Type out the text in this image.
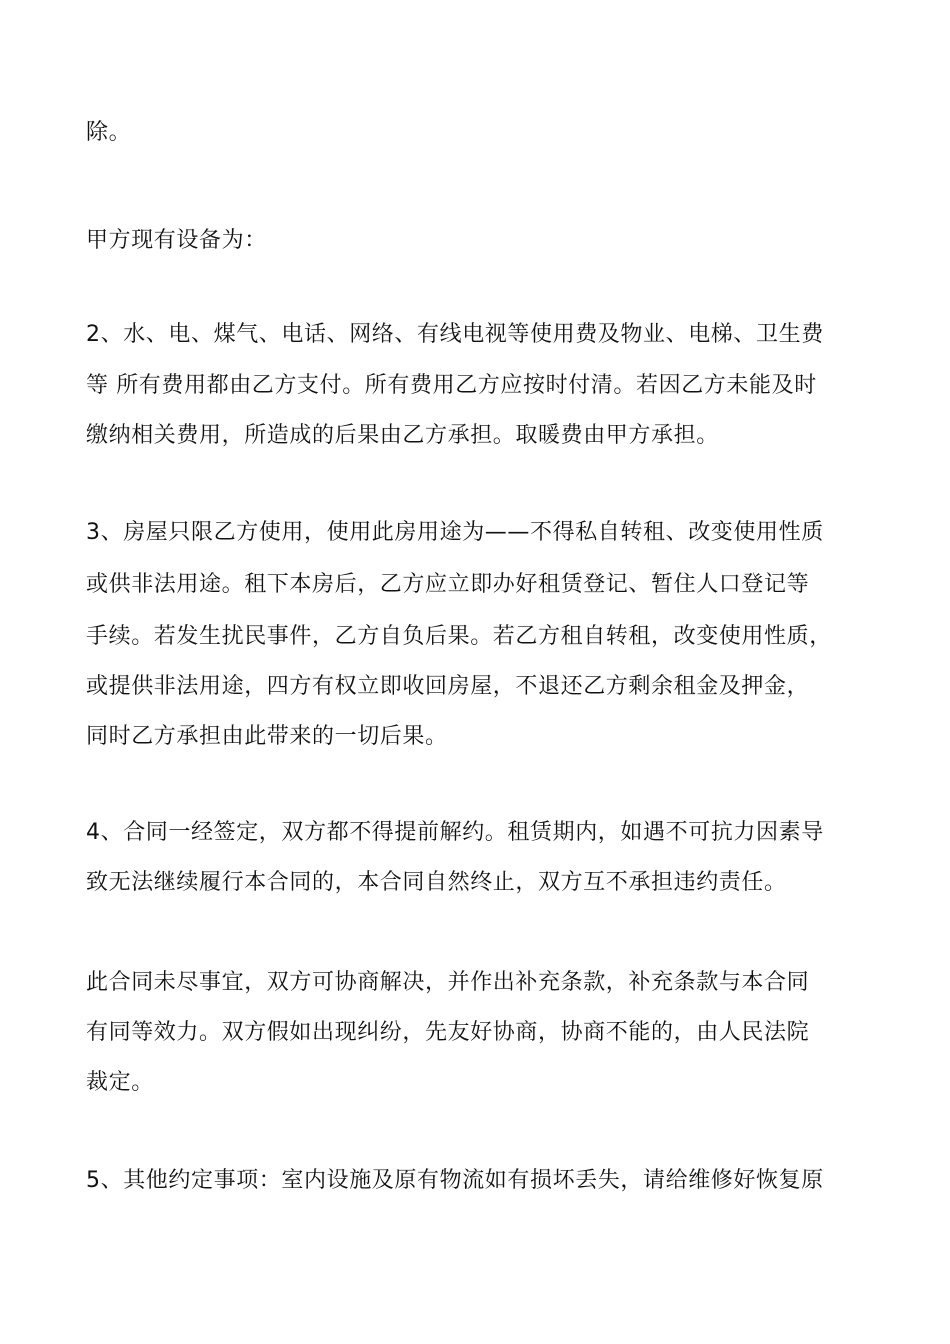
除。
甲方现有设备为：
2、水、电、煤气、电话、网络、有线电视等使用费及物业、电梯、卫生费
等 所有费用都由乙方支付。所有费用乙方应按时付清。若因乙方未能及时
缴纳相关费用，所造成的后果由乙方承担。取暖费由甲方承担。
3、房屋只限乙方使用，使用此房用途为——不得私自转租、改变使用性质
或供非法用途。租下本房后，乙方应立即办好租赁登记、暂住人口登记等
手续。若发生扰民事件，乙方自负后果。若乙方租自转租，改变使用性质，
或提供非法用途，四方有权立即收回房屋，不退还乙方剩余租金及押金，
同时乙方承担由此带来的一切后果。
4、合同一经签定，双方都不得提前解约。租赁期内，如遇不可抗力因素导
致无法继续履行本合同的，本合同自然终止，双方互不承担违约责任。
此合同未尽事宜，双方可协商解决，并作出补充条款，补充条款与本合同
有同等效力。双方假如出现纠纷，先友好协商，协商不能的，由人民法院
裁定。
5、其他约定事项：室内设施及原有物流如有损坏丢失，请给维修好恢复原
